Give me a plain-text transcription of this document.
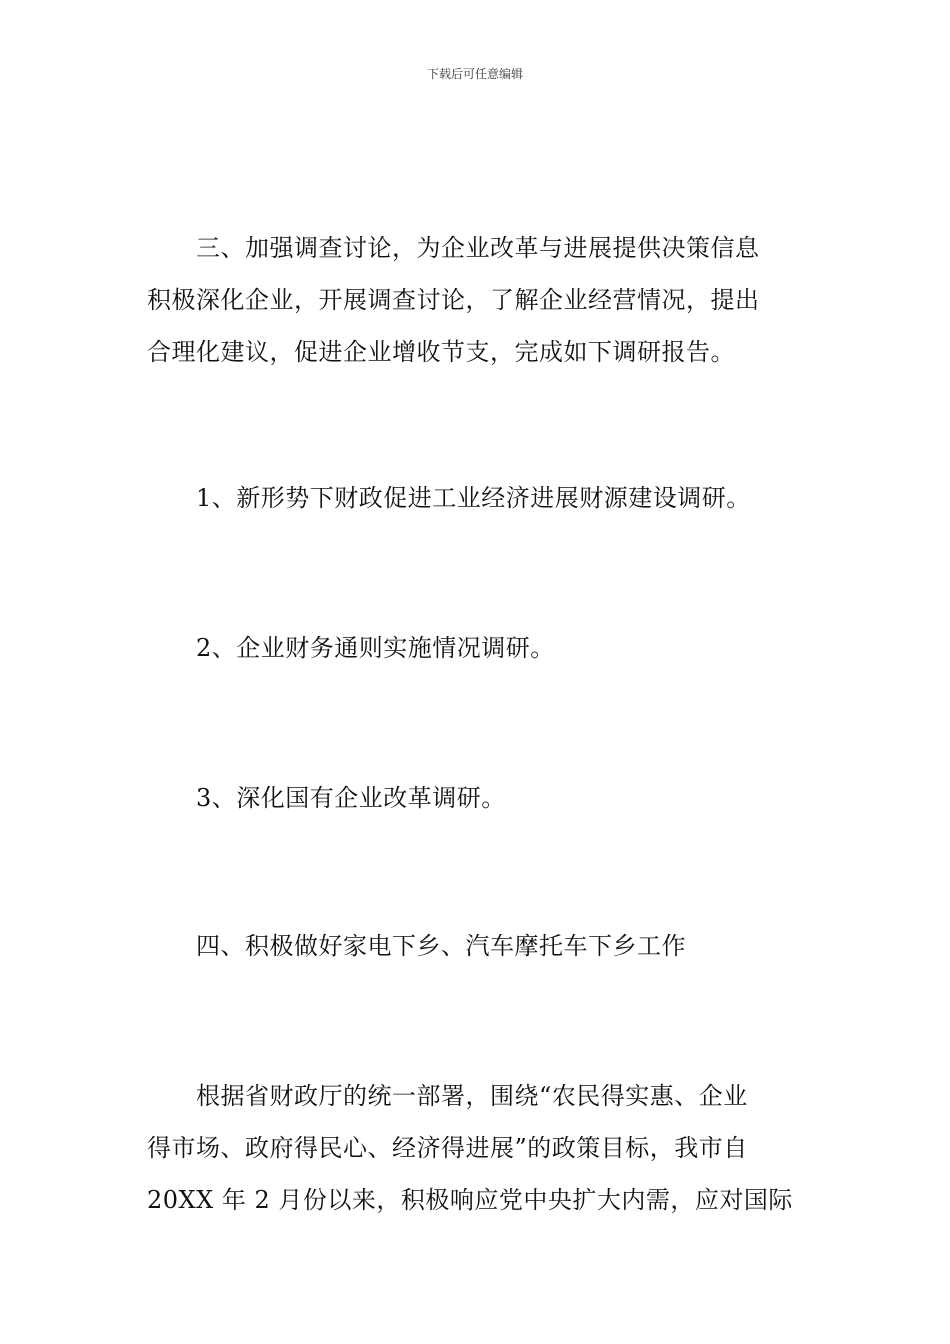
下载后可任意编辑
三、加强调查讨论，为企业改革与进展提供决策信息
积极深化企业，开展调查讨论，了解企业经营情况，提出
合理化建议，促进企业增收节支，完成如下调研报告。
1、新形势下财政促进工业经济进展财源建设调研。
2、企业财务通则实施情况调研。
3、深化国有企业改革调研。
四、积极做好家电下乡、汽车摩托车下乡工作
根据省财政厅的统一部署，围绕“农民得实惠、企业
得市场、政府得民心、经济得进展”的政策目标，我市自
20XX 年 2 月份以来，积极响应党中央扩大内需，应对国际
